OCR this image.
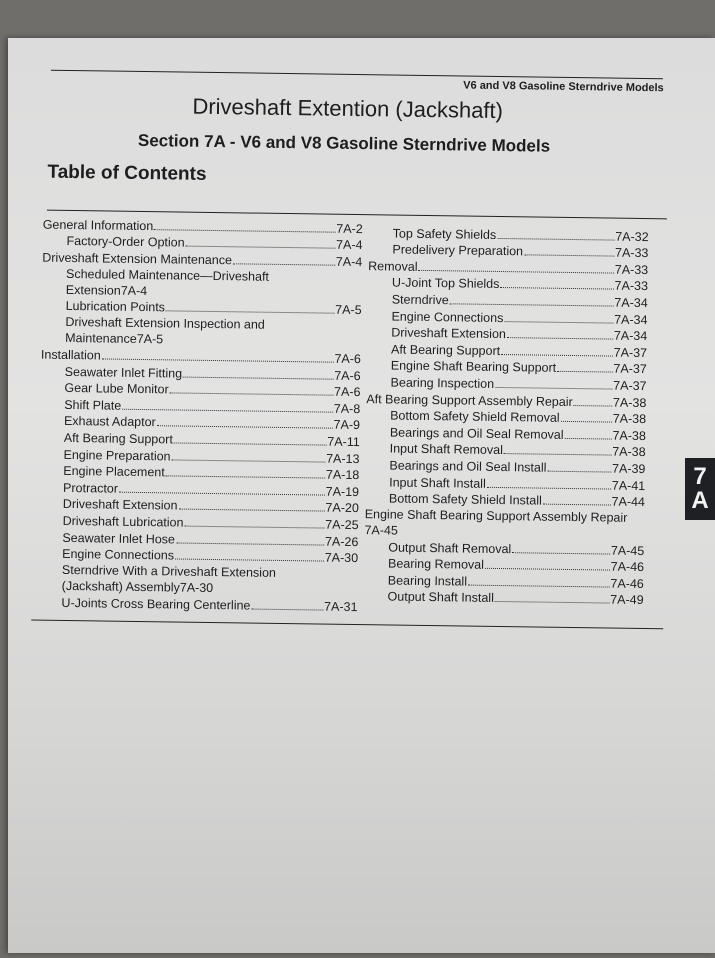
V6 and V8 Gasoline Sterndrive Models
Driveshaft Extention (Jackshaft)
Section 7A - V6 and V8 Gasoline Sterndrive Models
Table of Contents
General Information	7A-2
Factory-Order Option	7A-4
Driveshaft Extension Maintenance	7A-4
Scheduled Maintenance—Driveshaft
Extension 7A-4
Lubrication Points	7A-5
Driveshaft Extension Inspection and
Maintenance 7A-5
Installation	7A-6
Seawater Inlet Fitting	7A-6
Gear Lube Monitor	7A-6
Shift Plate	7A-8
Exhaust Adaptor	7A-9
Aft Bearing Support	7A-11
Engine Preparation	7A-13
Engine Placement	7A-18
Protractor	7A-19
Driveshaft Extension	7A-20
Driveshaft Lubrication	7A-25
Seawater Inlet Hose	7A-26
Engine Connections	7A-30
Sterndrive With a Driveshaft Extension
(Jackshaft) Assembly 7A-30
U-Joints Cross Bearing Centerline	7A-31
Top Safety Shields	7A-32
Predelivery Preparation	7A-33
Removal	7A-33
U-Joint Top Shields	7A-33
Sterndrive	7A-34
Engine Connections	7A-34
Driveshaft Extension	7A-34
Aft Bearing Support	7A-37
Engine Shaft Bearing Support	7A-37
Bearing Inspection	7A-37
Aft Bearing Support Assembly Repair	7A-38
Bottom Safety Shield Removal	7A-38
Bearings and Oil Seal Removal	7A-38
Input Shaft Removal	7A-38
Bearings and Oil Seal Install	7A-39
Input Shaft Install	7A-41
Bottom Safety Shield Install	7A-44
Engine Shaft Bearing Support Assembly Repair
7A-45
Output Shaft Removal	7A-45
Bearing Removal	7A-46
Bearing Install	7A-46
Output Shaft Install	7A-49
7
A
